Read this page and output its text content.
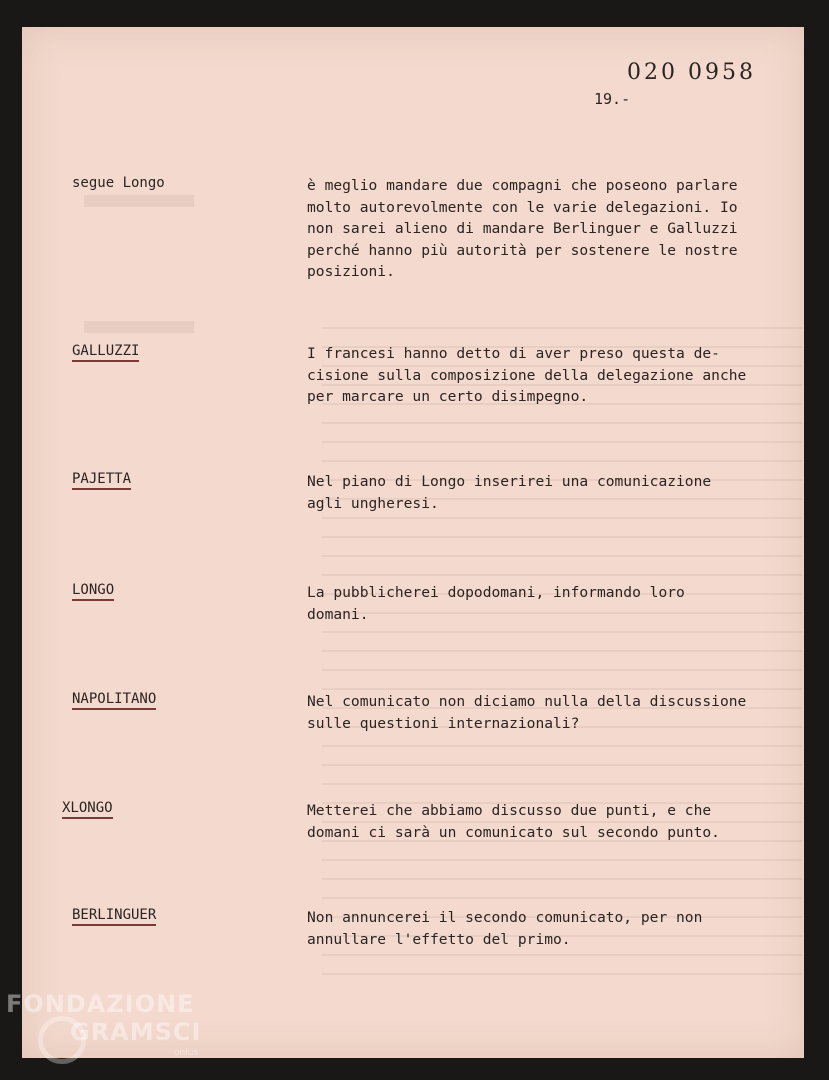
020 0958
19.-
segue Longo	è meglio mandare due compagni che poseono parlare
molto autorevolmente con le varie delegazioni. Io
non sarei alieno di mandare Berlinguer e Galluzzi
perché hanno più autorità per sostenere le nostre
posizioni.
GALLUZZI	I francesi hanno detto di aver preso questa de-
cisione sulla composizione della delegazione anche
per marcare un certo disimpegno.
PAJETTA	Nel piano di Longo inserirei una comunicazione
agli ungheresi.
LONGO	La pubblicherei dopodomani, informando loro
domani.
NAPOLITANO	Nel comunicato non diciamo nulla della discussione
sulle questioni internazionali?
XLONGO	Metterei che abbiamo discusso due punti, e che
domani ci sarà un comunicato sul secondo punto.
BERLINGUER	Non annuncerei il secondo comunicato, per non
annullare l'effetto del primo.
FONDAZIONE
GRAMSCI
onlus
